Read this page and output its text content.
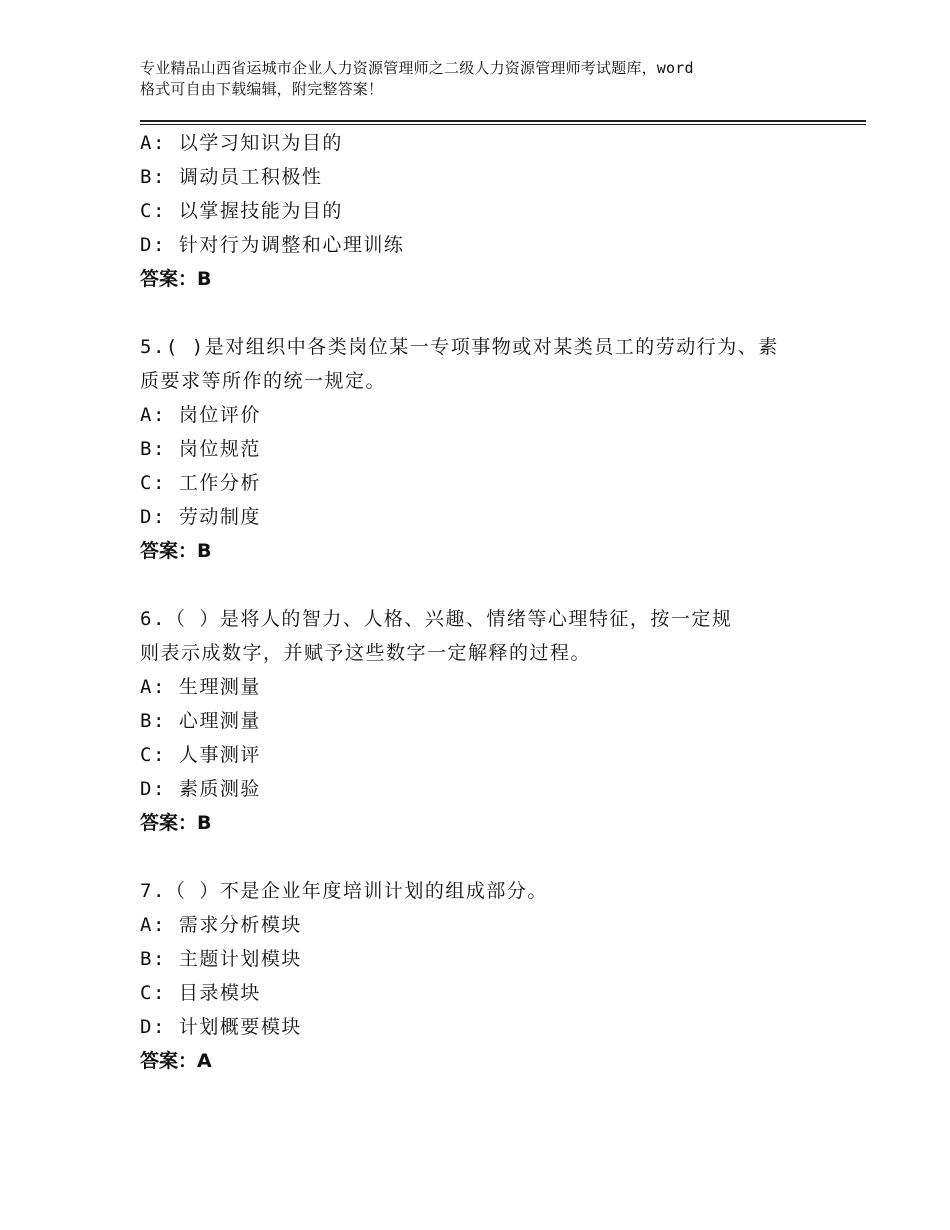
专业精品山西省运城市企业人力资源管理师之二级人力资源管理师考试题库，word
格式可自由下载编辑，附完整答案！
A: 以学习知识为目的
B: 调动员工积极性
C: 以掌握技能为目的
D: 针对行为调整和心理训练
答案：B
5.( )是对组织中各类岗位某一专项事物或对某类员工的劳动行为、素
质要求等所作的统一规定。
A: 岗位评价
B: 岗位规范
C: 工作分析
D: 劳动制度
答案：B
6.（ ）是将人的智力、人格、兴趣、情绪等心理特征，按一定规
则表示成数字，并赋予这些数字一定解释的过程。
A: 生理测量
B: 心理测量
C: 人事测评
D: 素质测验
答案：B
7.（ ）不是企业年度培训计划的组成部分。
A: 需求分析模块
B: 主题计划模块
C: 目录模块
D: 计划概要模块
答案：A
